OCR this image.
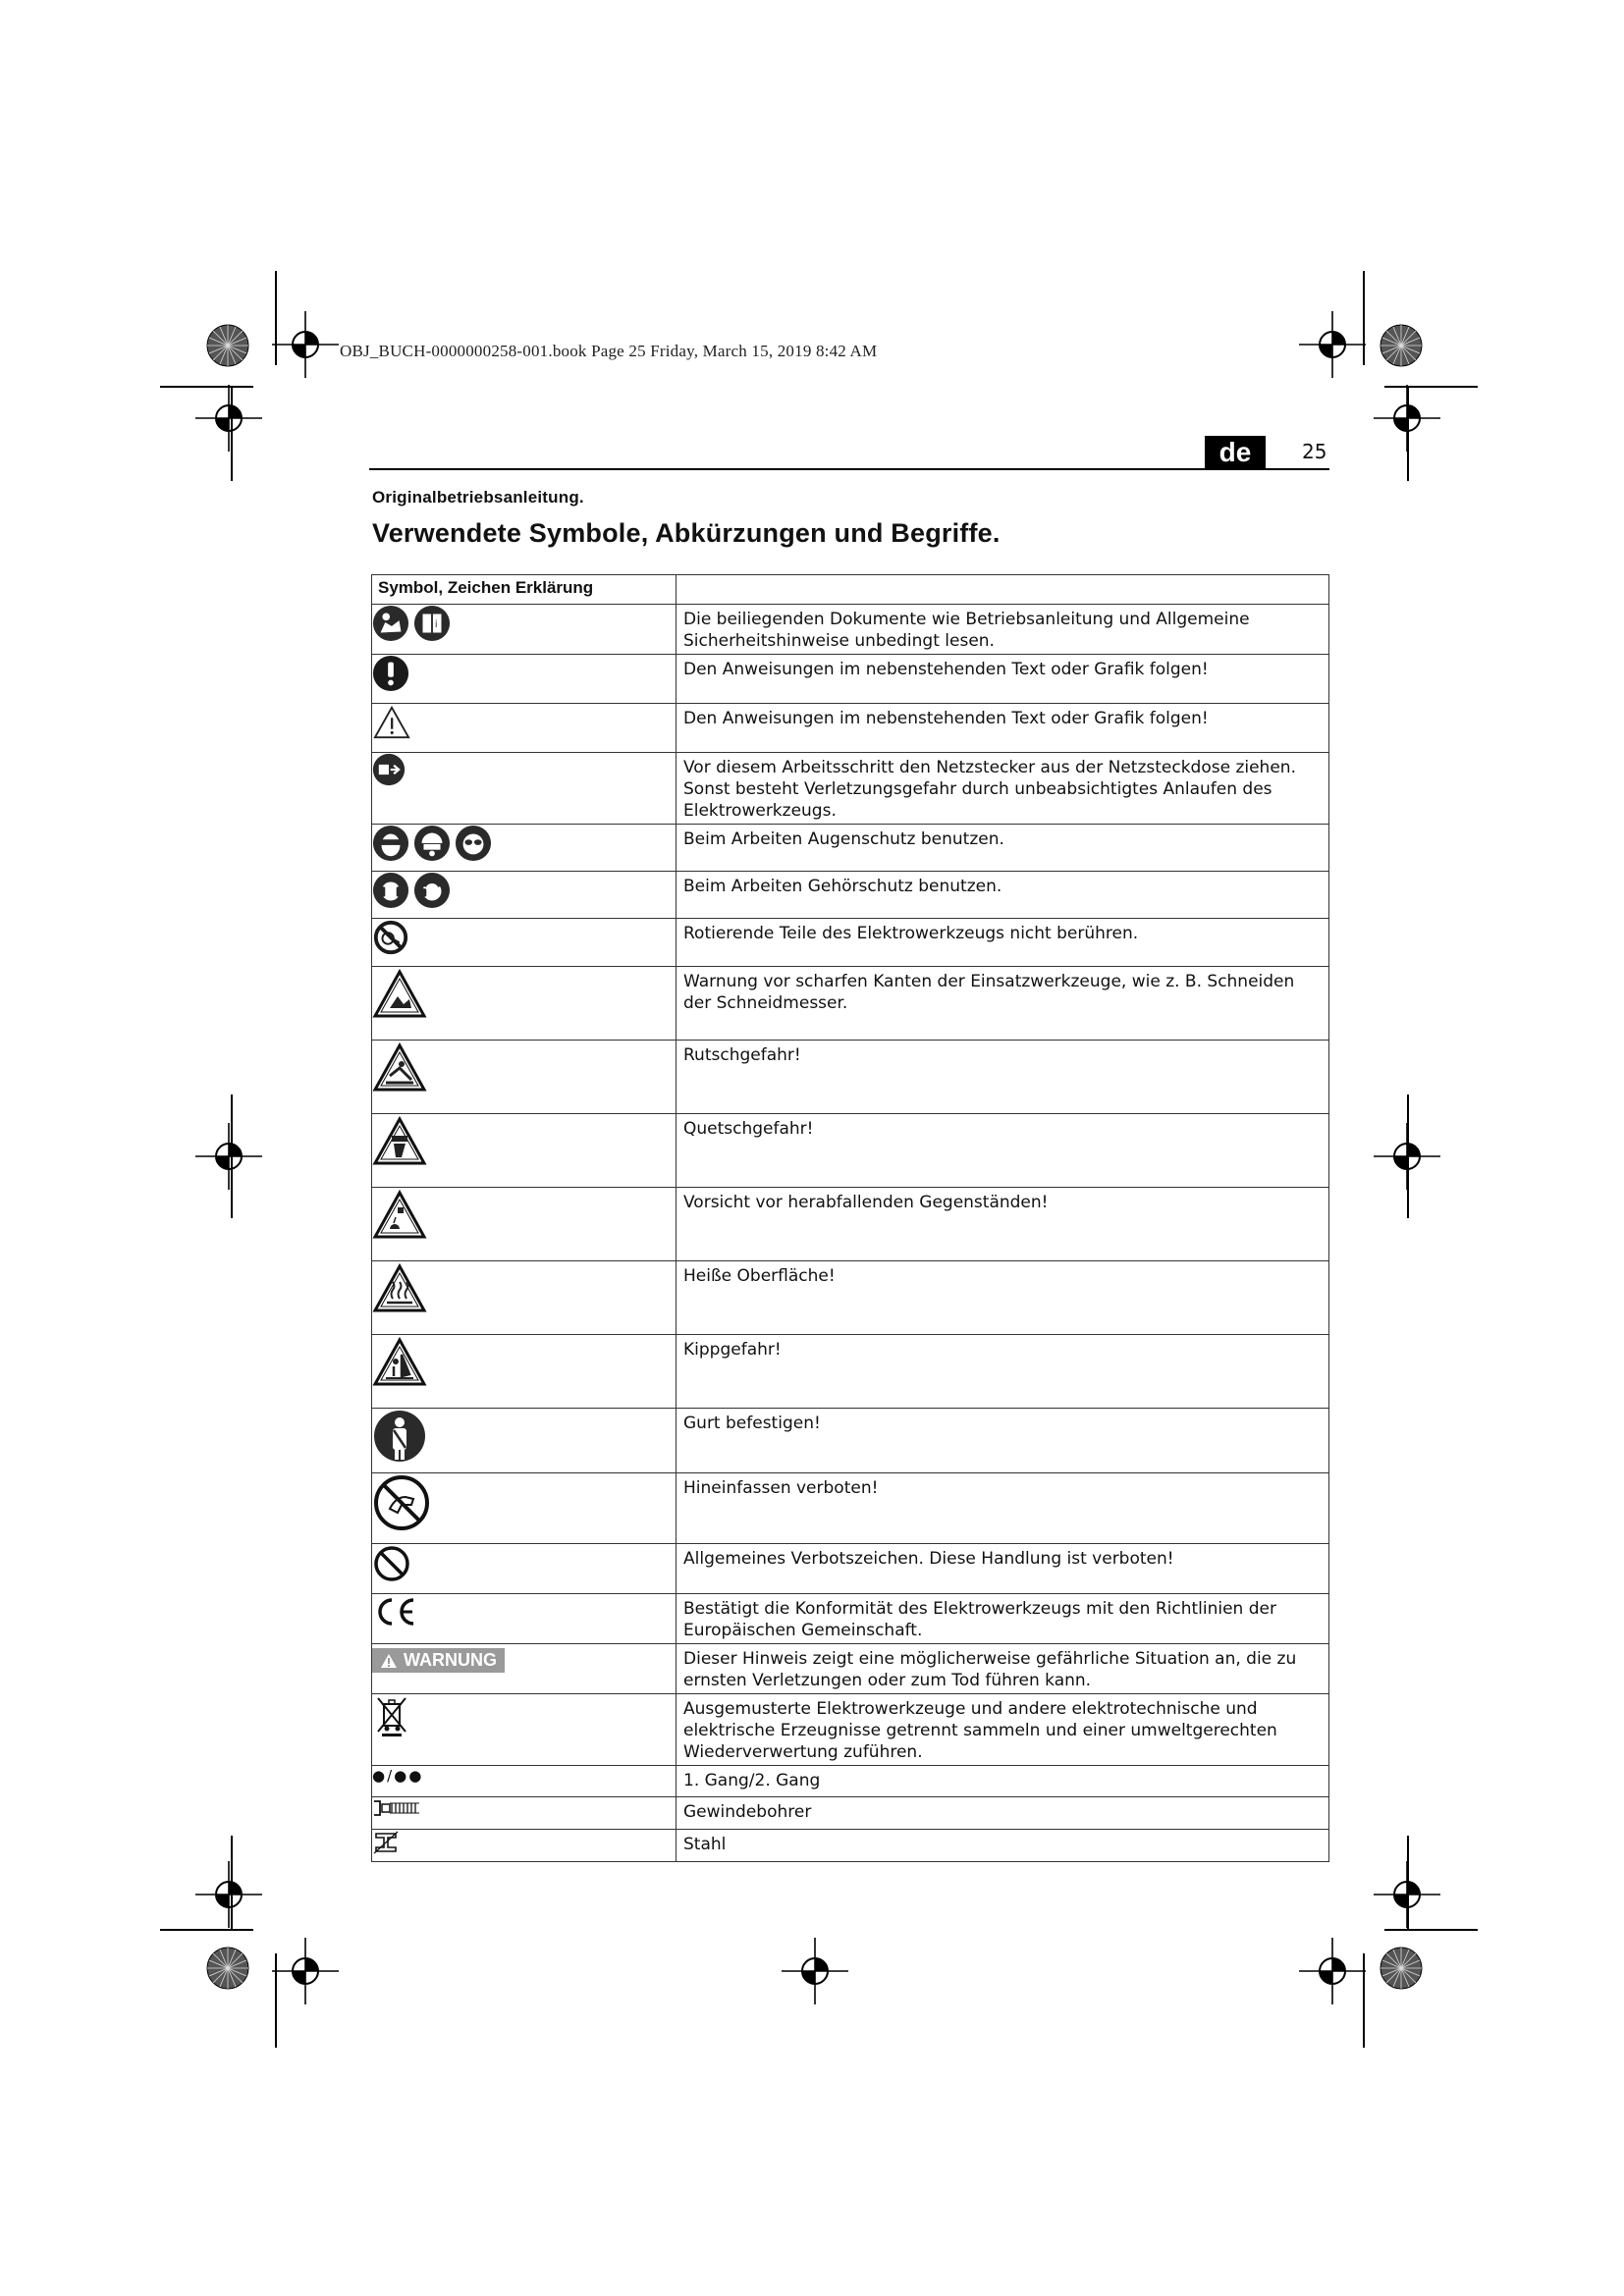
OBJ_BUCH-0000000258-001.book Page 25 Friday, March 15, 2019 8:42 AM
de	25
Originalbetriebsanleitung.
Verwendete Symbole, Abkürzungen und Begriffe.
Symbol, Zeichen Erklärung	

i	Die beiliegenden Dokumente wie Betriebsanleitung und Allgemeine Sicherheitshinweise unbedingt lesen.

	Den Anweisungen im nebenstehenden Text oder Grafik folgen!

	Den Anweisungen im nebenstehenden Text oder Grafik folgen!

	Vor diesem Arbeitsschritt den Netzstecker aus der Netzsteckdose ziehen. Sonst besteht Verletzungsgefahr durch unbeabsichtigtes Anlaufen des Elektrowerkzeugs.

	Beim Arbeiten Augenschutz benutzen.

	Beim Arbeiten Gehörschutz benutzen.

	Rotierende Teile des Elektrowerkzeugs nicht berühren.

	Warnung vor scharfen Kanten der Einsatzwerkzeuge, wie z. B. Schneiden der Schneidmesser.

	Rutschgefahr!

	Quetschgefahr!

	Vorsicht vor herabfallenden Gegenständen!

	Heiße Oberfläche!

	Kippgefahr!

	Gurt befestigen!

	Hineinfassen verboten!

	Allgemeines Verbotszeichen. Diese Handlung ist verboten!

	Bestätigt die Konformität des Elektrowerkzeugs mit den Richtlinien der Europäischen Gemeinschaft.

WARNUNG	Dieser Hinweis zeigt eine möglicherweise gefährliche Situation an, die zu ernsten Verletzungen oder zum Tod führen kann.

	Ausgemusterte Elektrowerkzeuge und andere elektrotechnische und elektrische Erzeugnisse getrennt sammeln und einer umweltgerechten Wiederverwertung zuführen.

●/●●	1. Gang/2. Gang

	Gewindebohrer

	Stahl
